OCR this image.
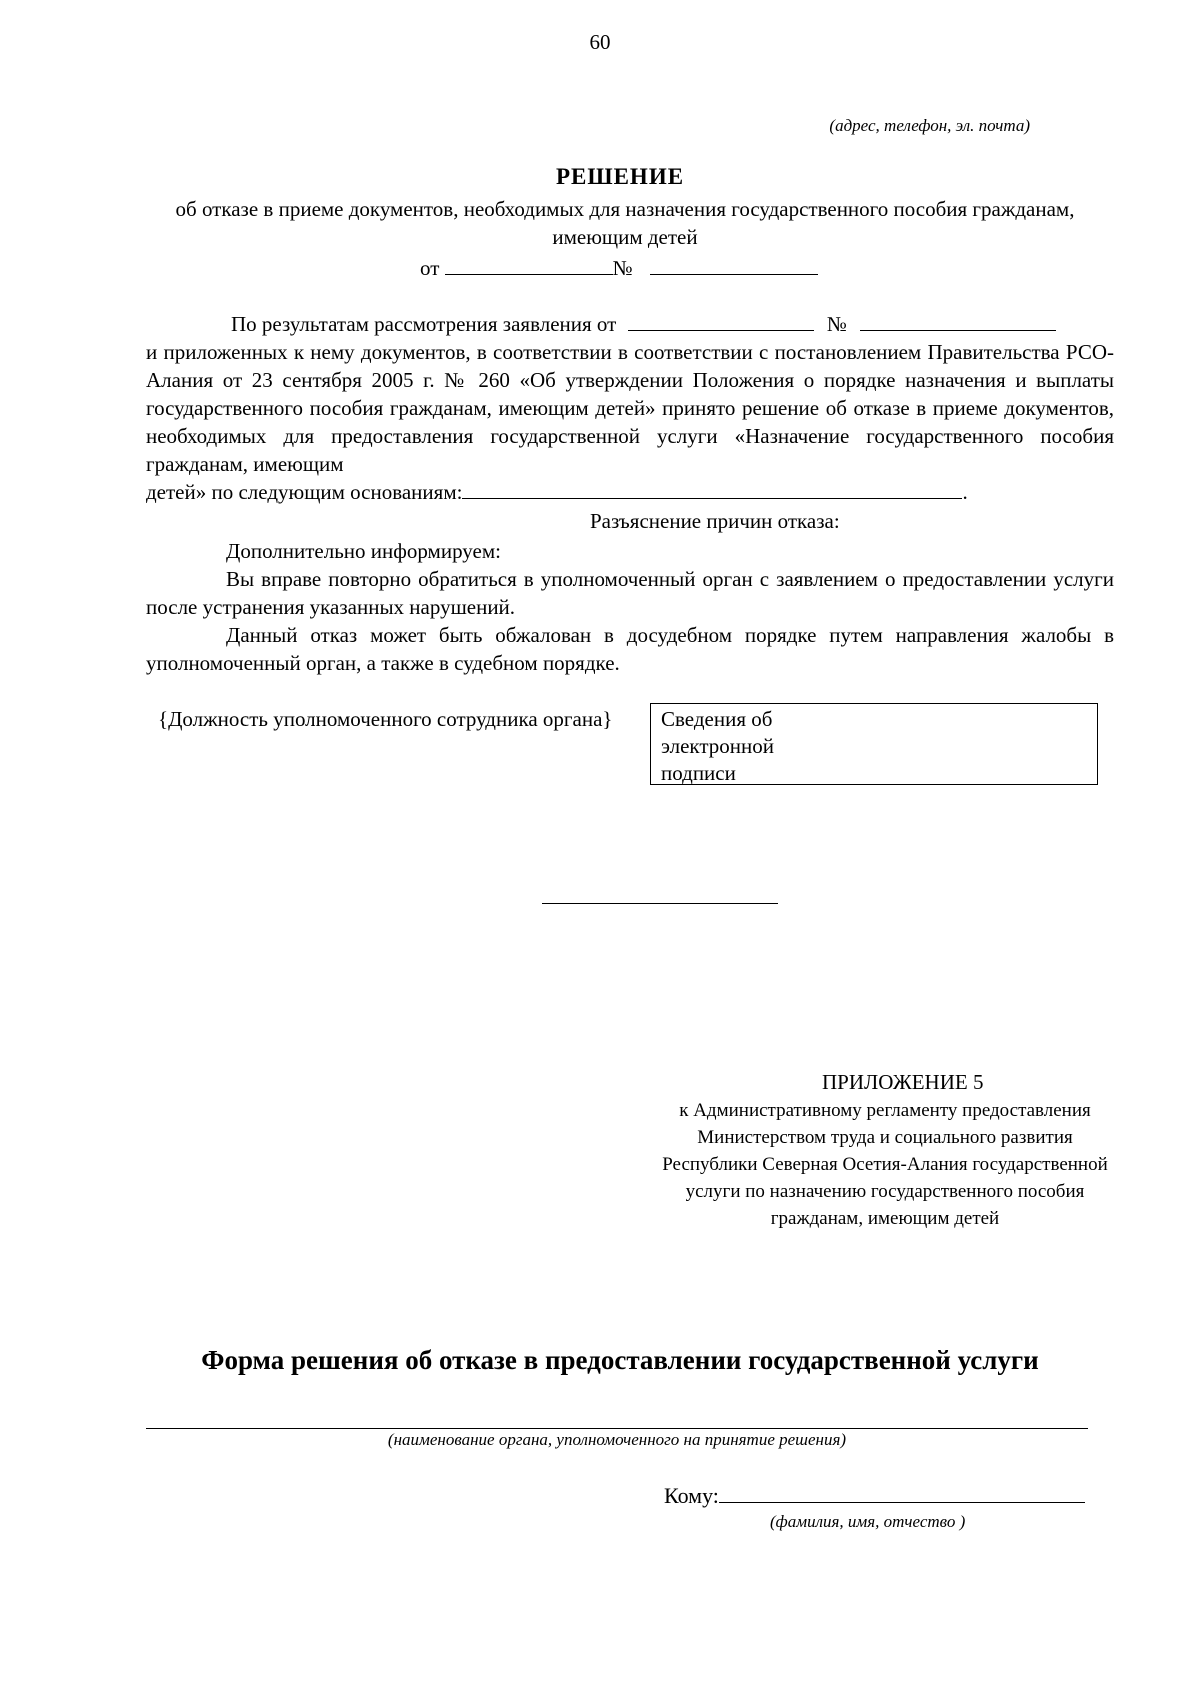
60
(адрес, телефон, эл. почта)
РЕШЕНИЕ
об отказе в приеме документов, необходимых для назначения государственного пособия гражданам, имеющим детей
от	№
По результатам рассмотрения заявления от	№
и приложенных к нему документов, в соответствии в соответствии с постановлением Правительства РСО-Алания от 23 сентября 2005 г. № 260 «Об утверждении Положения о порядке назначения и выплаты государственного пособия гражданам, имеющим детей» принято решение об отказе в приеме документов, необходимых для предоставления государственной услуги «Назначение государственного пособия гражданам, имеющим
детей» по следующим основаниям:	.
Разъяснение причин отказа:
Дополнительно информируем:
Вы вправе повторно обратиться в уполномоченный орган с заявлением о предоставлении услуги после устранения указанных нарушений.
Данный отказ может быть обжалован в досудебном порядке путем направления жалобы в уполномоченный орган, а также в судебном порядке.
{Должность уполномоченного сотрудника органа}	Сведения об электронной подписи
ПРИЛОЖЕНИЕ 5
к Административному регламенту предоставления Министерством труда и социального развития Республики Северная Осетия-Алания государственной услуги по назначению государственного пособия гражданам, имеющим детей
Форма решения об отказе в предоставлении государственной услуги
(наименование органа, уполномоченного на принятие решения)
Кому:
(фамилия, имя, отчество )
